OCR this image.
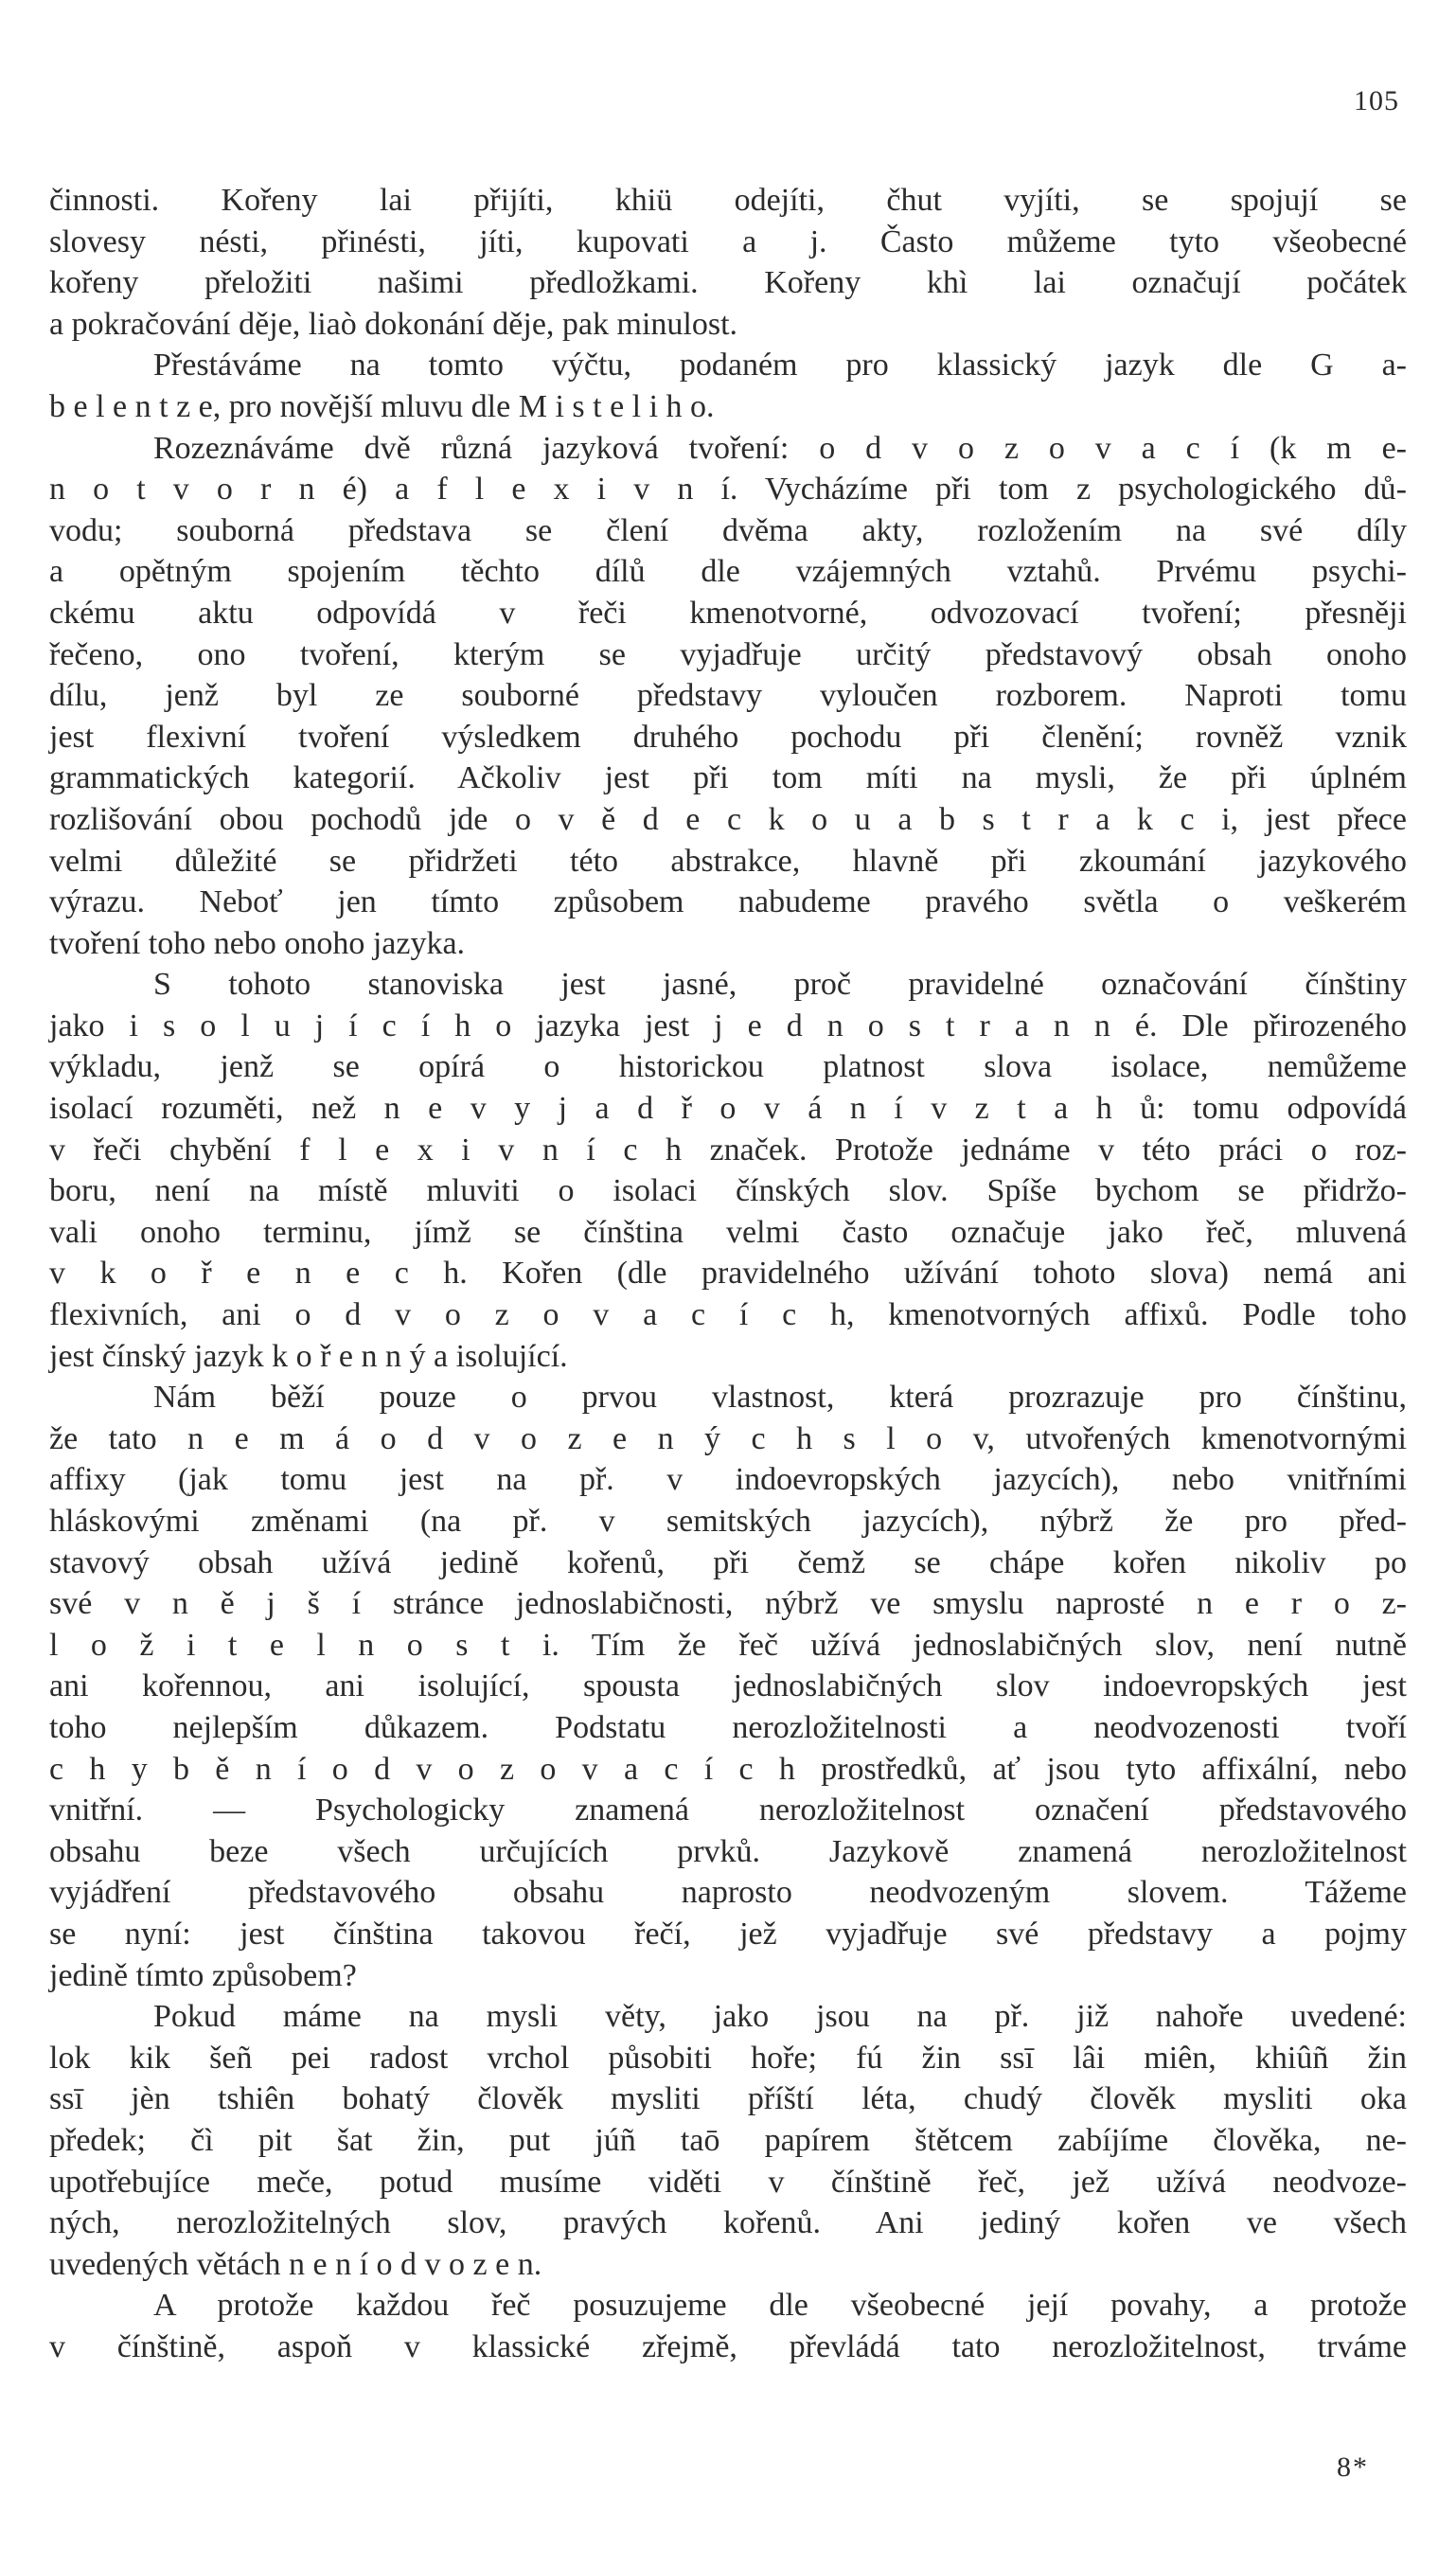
105
činnosti. Kořeny lai přijíti, khiü odejíti, čhut vyjíti, se spojují se
slovesy nésti, přinésti, jíti, kupovati a j. Často můžeme tyto všeobecné
kořeny přeložiti našimi předložkami. Kořeny khì lai označují počátek
a pokračování děje, liaò dokonání děje, pak minulost.
Přestáváme na tomto výčtu, podaném pro klassický jazyk dle G a-
b e l e n t z e, pro novější mluvu dle M i s t e l i h o.
Rozeznáváme dvě různá jazyková tvoření: o d v o z o v a c í (k m e-
n o t v o r n é) a f l e x i v n í. Vycházíme při tom z psychologického dů-
vodu; souborná představa se člení dvěma akty, rozložením na své díly
a opětným spojením těchto dílů dle vzájemných vztahů. Prvému psychi-
ckému aktu odpovídá v řeči kmenotvorné, odvozovací tvoření; přesněji
řečeno, ono tvoření, kterým se vyjadřuje určitý představový obsah onoho
dílu, jenž byl ze souborné představy vyloučen rozborem. Naproti tomu
jest flexivní tvoření výsledkem druhého pochodu při členění; rovněž vznik
grammatických kategorií. Ačkoliv jest při tom míti na mysli, že při úplném
rozlišování obou pochodů jde o v ě d e c k o u a b s t r a k c i, jest přece
velmi důležité se přidržeti této abstrakce, hlavně při zkoumání jazykového
výrazu. Neboť jen tímto způsobem nabudeme pravého světla o veškerém
tvoření toho nebo onoho jazyka.
S tohoto stanoviska jest jasné, proč pravidelné označování čínštiny
jako i s o l u j í c í h o jazyka jest j e d n o s t r a n n é. Dle přirozeného
výkladu, jenž se opírá o historickou platnost slova isolace, nemůžeme
isolací rozuměti, než n e v y j a d ř o v á n í v z t a h ů: tomu odpovídá
v řeči chybění f l e x i v n í c h značek. Protože jednáme v této práci o roz-
boru, není na místě mluviti o isolaci čínských slov. Spíše bychom se přidržo-
vali onoho terminu, jímž se čínština velmi často označuje jako řeč, mluvená
v k o ř e n e c h. Kořen (dle pravidelného užívání tohoto slova) nemá ani
flexivních, ani o d v o z o v a c í c h, kmenotvorných affixů. Podle toho
jest čínský jazyk k o ř e n n ý a isolující.
Nám běží pouze o prvou vlastnost, která prozrazuje pro čínštinu,
že tato n e m á o d v o z e n ý c h s l o v, utvořených kmenotvornými
affixy (jak tomu jest na př. v indoevropských jazycích), nebo vnitřními
hláskovými změnami (na př. v semitských jazycích), nýbrž že pro před-
stavový obsah užívá jedině kořenů, při čemž se chápe kořen nikoliv po
své v n ě j š í stránce jednoslabičnosti, nýbrž ve smyslu naprosté n e r o z-
l o ž i t e l n o s t i. Tím že řeč užívá jednoslabičných slov, není nutně
ani kořennou, ani isolující, spousta jednoslabičných slov indoevropských jest
toho nejlepším důkazem. Podstatu nerozložitelnosti a neodvozenosti tvoří
c h y b ě n í o d v o z o v a c í c h prostředků, ať jsou tyto affixální, nebo
vnitřní. — Psychologicky znamená nerozložitelnost označení představového
obsahu beze všech určujících prvků. Jazykově znamená nerozložitelnost
vyjádření představového obsahu naprosto neodvozeným slovem. Tážeme
se nyní: jest čínština takovou řečí, jež vyjadřuje své představy a pojmy
jedině tímto způsobem?
Pokud máme na mysli věty, jako jsou na př. již nahoře uvedené:
lok kik šeñ pei radost vrchol působiti hoře; fú žin ssī lâi miên, khiûñ žin
ssī jèn tshiên bohatý člověk mysliti příští léta, chudý člověk mysliti oka
předek; čì pit šat žin, put júñ taō papírem štětcem zabíjíme člověka, ne-
upotřebujíce meče, potud musíme viděti v čínštině řeč, jež užívá neodvoze-
ných, nerozložitelných slov, pravých kořenů. Ani jediný kořen ve všech
uvedených větách n e n í o d v o z e n.
A protože každou řeč posuzujeme dle všeobecné její povahy, a protože
v čínštině, aspoň v klassické zřejmě, převládá tato nerozložitelnost, trváme
8*
